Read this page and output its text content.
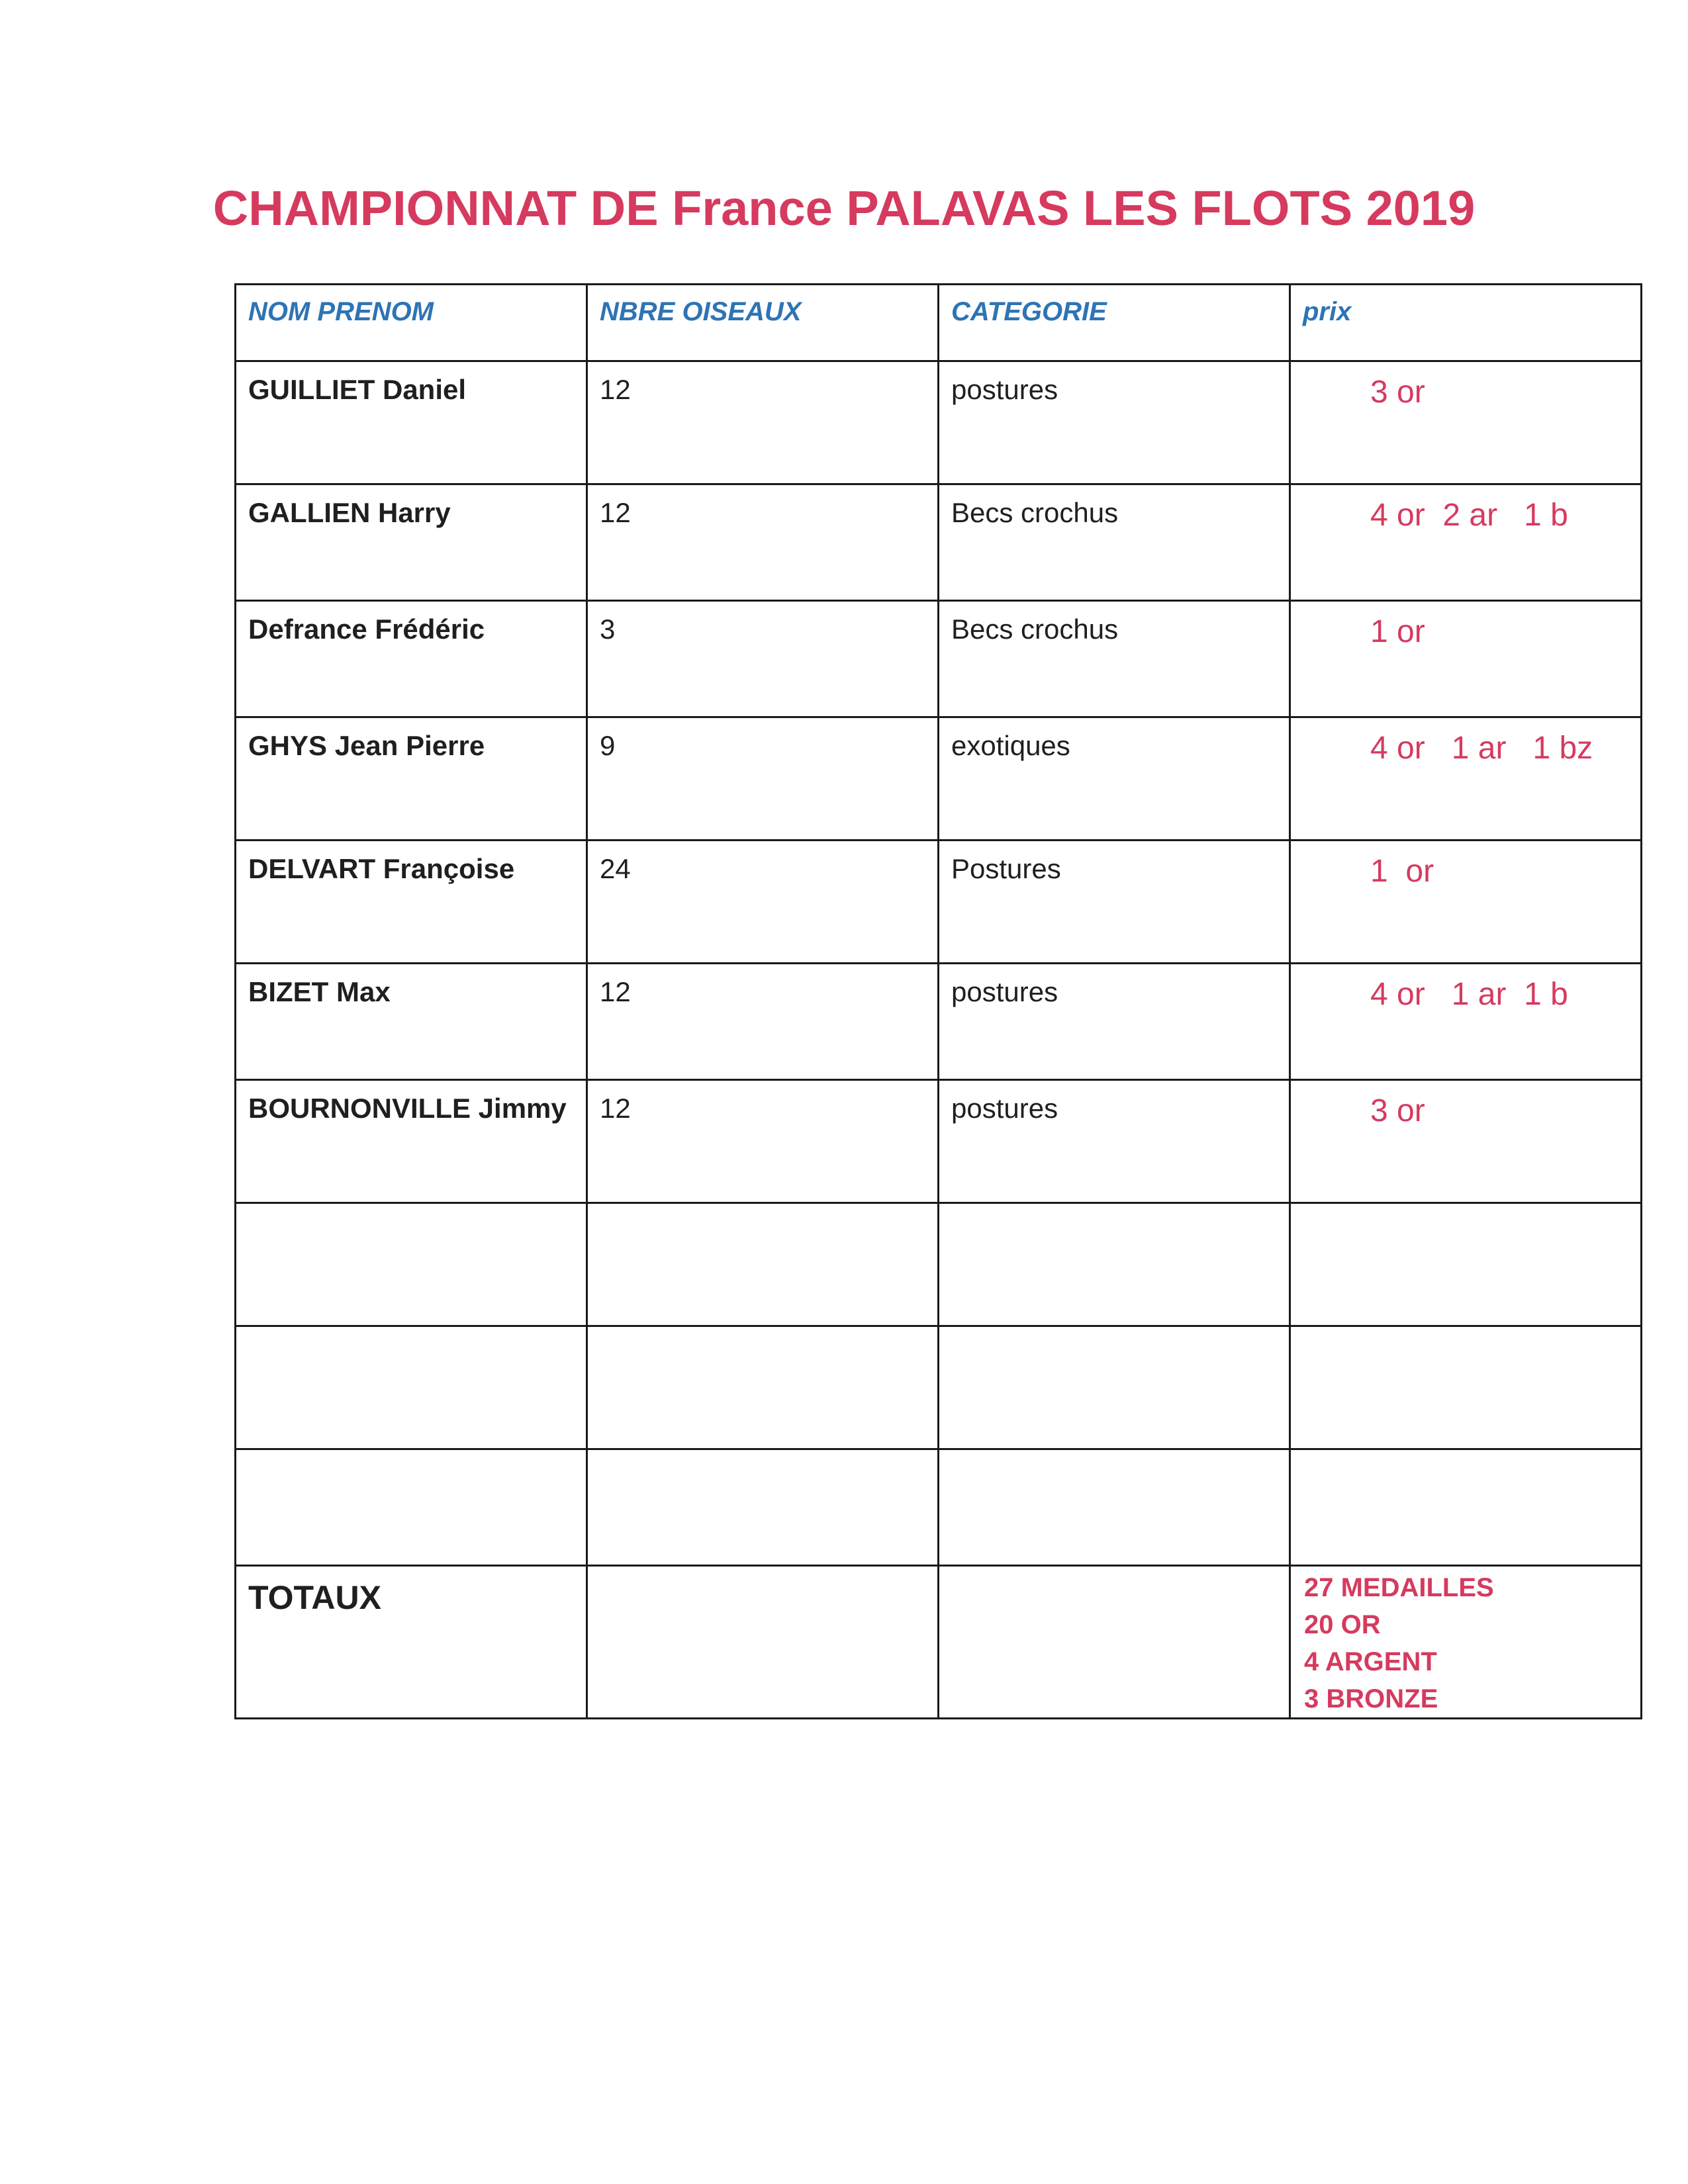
CHAMPIONNAT DE France PALAVAS LES FLOTS 2019
NOM PRENOM	NBRE OISEAUX	CATEGORIE	prix
GUILLIET Daniel	12	postures	3 or
GALLIEN Harry	12	Becs crochus	4 or  2 ar   1 b
Defrance Frédéric	3	Becs crochus	1 or
GHYS Jean Pierre	9	exotiques	4 or   1 ar   1 bz
DELVART Françoise	24	Postures	1  or
BIZET Max	12	postures	4 or   1 ar  1 b
BOURNONVILLE Jimmy	12	postures	3 or

TOTAUX			27 MEDAILLES
20 OR
4 ARGENT
3 BRONZE
